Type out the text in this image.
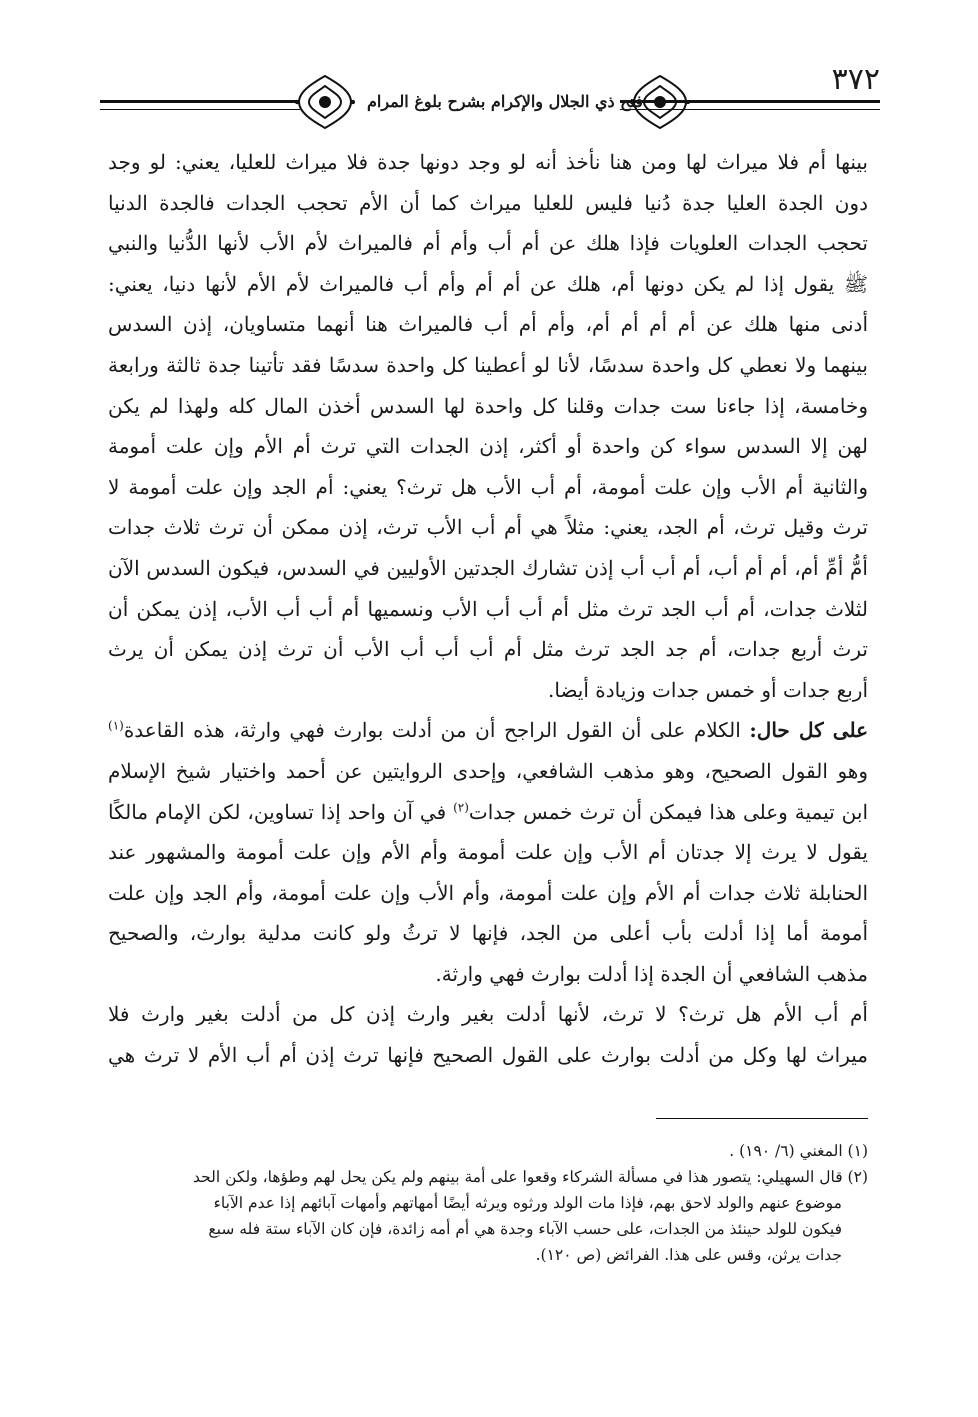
٣٧٢
فتح ذي الجلال والإكرام بشرح بلوغ المرام

بينها أم فلا ميراث لها ومن هنا نأخذ أنه لو وجد دونها جدة فلا ميراث للعليا، يعني: لو وجد

دون الجدة العليا جدة دُنيا فليس للعليا ميراث كما أن الأم تحجب الجدات فالجدة الدنيا

تحجب الجدات العلويات فإذا هلك عن أم أب وأم أم فالميراث لأم الأب لأنها الدُّنيا والنبي

ﷺ يقول إذا لم يكن دونها أم، هلك عن أم أم وأم أب فالميراث لأم الأم لأنها دنيا، يعني:

أدنى منها هلك عن أم أم أم أم، وأم أم أب فالميراث هنا أنهما متساويان، إذن السدس

بينهما ولا نعطي كل واحدة سدسًا، لأنا لو أعطينا كل واحدة سدسًا فقد تأتينا جدة ثالثة ورابعة

وخامسة، إذا جاءنا ست جدات وقلنا كل واحدة لها السدس أخذن المال كله ولهذا لم يكن

لهن إلا السدس سواء كن واحدة أو أكثر، إذن الجدات التي ترث أم الأم وإن علت أمومة

والثانية أم الأب وإن علت أمومة، أم أب الأب هل ترث؟ يعني: أم الجد وإن علت أمومة لا

ترث وقيل ترث، أم الجد، يعني: مثلاً هي أم أب الأب ترث، إذن ممكن أن ترث ثلاث جدات

أمُّ أمِّ أم، أم أم أب، أم أب أب إذن تشارك الجدتين الأوليين في السدس، فيكون السدس الآن

لثلاث جدات، أم أب الجد ترث مثل أم أب أب الأب ونسميها أم أب أب الأب، إذن يمكن أن

ترث أربع جدات، أم جد الجد ترث مثل أم أب أب أب الأب أن ترث إذن يمكن أن يرث

أربع جدات أو خمس جدات وزيادة أيضا.

على كل حال: الكلام على أن القول الراجح أن من أدلت بوارث فهي وارثة، هذه القاعدة$^{(١)}$

وهو القول الصحيح، وهو مذهب الشافعي، وإحدى الروايتين عن أحمد واختيار شيخ الإسلام

ابن تيمية وعلى هذا فيمكن أن ترث خمس جدات$^{(٢)}$ في آن واحد إذا تساوين، لكن الإمام مالكًا

يقول لا يرث إلا جدتان أم الأب وإن علت أمومة وأم الأم وإن علت أمومة والمشهور عند

الحنابلة ثلاث جدات أم الأم وإن علت أمومة، وأم الأب وإن علت أمومة، وأم الجد وإن علت

أمومة أما إذا أدلت بأب أعلى من الجد، فإنها لا ترثُ ولو كانت مدلية بوارث، والصحيح

مذهب الشافعي أن الجدة إذا أدلت بوارث فهي وارثة.

أم أب الأم هل ترث؟ لا ترث، لأنها أدلت بغير وارث إذن كل من أدلت بغير وارث فلا

ميراث لها وكل من أدلت بوارث على القول الصحيح فإنها ترث إذن أم أب الأم لا ترث هي

(١) المغني (٦/ ١٩٠) .

(٢) قال السهيلي: يتصور هذا في مسألة الشركاء وقعوا على أمة بينهم ولم يكن يحل لهم وطؤها، ولكن الحد

موضوع عنهم والولد لاحق بهم، فإذا مات الولد ورثوه ويرثه أيضًا أمهاتهم وأمهات آبائهم إذا عدم الآباء

فيكون للولد حينئذ من الجدات، على حسب الآباء وجدة هي أم أمه زائدة، فإن كان الآباء ستة فله سبع

جدات يرثن، وقس على هذا. الفرائض (ص ١٢٠).
